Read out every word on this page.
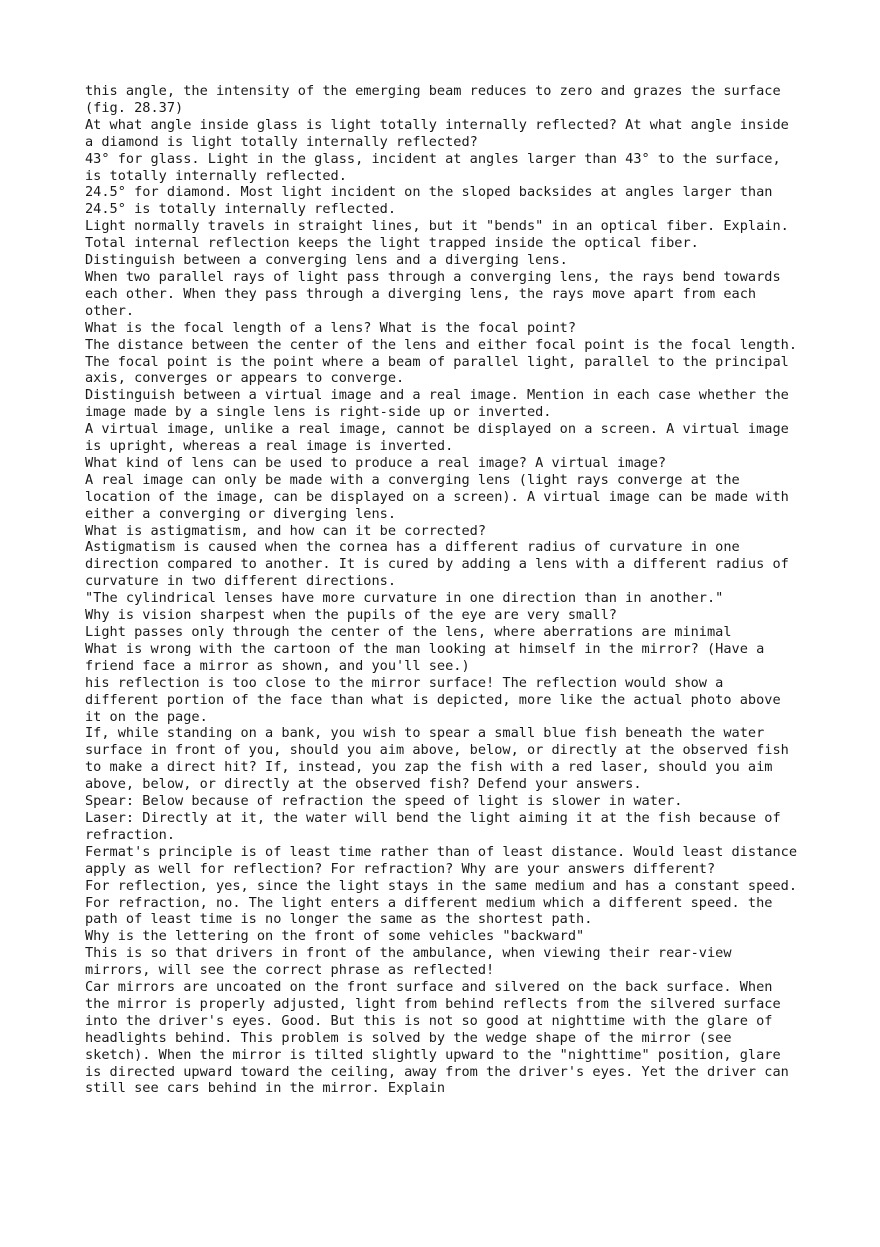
this angle, the intensity of the emerging beam reduces to zero and grazes the surface (fig. 28.37)

At what angle inside glass is light totally internally reflected? At what angle inside a diamond is light totally internally reflected?

43° for glass. Light in the glass, incident at angles larger than 43° to the surface, is totally internally reflected.

24.5° for diamond. Most light incident on the sloped backsides at angles larger than 24.5° is totally internally reflected.

Light normally travels in straight lines, but it "bends" in an optical fiber. Explain.

Total internal reflection keeps the light trapped inside the optical fiber.

Distinguish between a converging lens and a diverging lens.

When two parallel rays of light pass through a converging lens, the rays bend towards each other. When they pass through a diverging lens, the rays move apart from each other.

What is the focal length of a lens? What is the focal point?

The distance between the center of the lens and either focal point is the focal length. The focal point is the point where a beam of parallel light, parallel to the principal axis, converges or appears to converge.

Distinguish between a virtual image and a real image. Mention in each case whether the image made by a single lens is right-side up or inverted.

A virtual image, unlike a real image, cannot be displayed on a screen. A virtual image is upright, whereas a real image is inverted.

What kind of lens can be used to produce a real image? A virtual image?

A real image can only be made with a converging lens (light rays converge at the location of the image, can be displayed on a screen). A virtual image can be made with either a converging or diverging lens.

What is astigmatism, and how can it be corrected?

Astigmatism is caused when the cornea has a different radius of curvature in one direction compared to another. It is cured by adding a lens with a different radius of curvature in two different directions.

"The cylindrical lenses have more curvature in one direction than in another."

Why is vision sharpest when the pupils of the eye are very small?

Light passes only through the center of the lens, where aberrations are minimal

What is wrong with the cartoon of the man looking at himself in the mirror? (Have a friend face a mirror as shown, and you'll see.)

his reflection is too close to the mirror surface! The reflection would show a different portion of the face than what is depicted, more like the actual photo above it on the page.

If, while standing on a bank, you wish to spear a small blue fish beneath the water surface in front of you, should you aim above, below, or directly at the observed fish to make a direct hit? If, instead, you zap the fish with a red laser, should you aim above, below, or directly at the observed fish? Defend your answers.

Spear: Below because of refraction the speed of light is slower in water.

Laser: Directly at it, the water will bend the light aiming it at the fish because of refraction.

Fermat's principle is of least time rather than of least distance. Would least distance apply as well for reflection? For refraction? Why are your answers different?

For reflection, yes, since the light stays in the same medium and has a constant speed. For refraction, no. The light enters a different medium which a different speed. the path of least time is no longer the same as the shortest path.

Why is the lettering on the front of some vehicles "backward"

This is so that drivers in front of the ambulance, when viewing their rear-view mirrors, will see the correct phrase as reflected!

Car mirrors are uncoated on the front surface and silvered on the back surface. When the mirror is properly adjusted, light from behind reflects from the silvered surface into the driver's eyes. Good. But this is not so good at nighttime with the glare of headlights behind. This problem is solved by the wedge shape of the mirror (see sketch). When the mirror is tilted slightly upward to the "nighttime" position, glare is directed upward toward the ceiling, away from the driver's eyes. Yet the driver can still see cars behind in the mirror. Explain
